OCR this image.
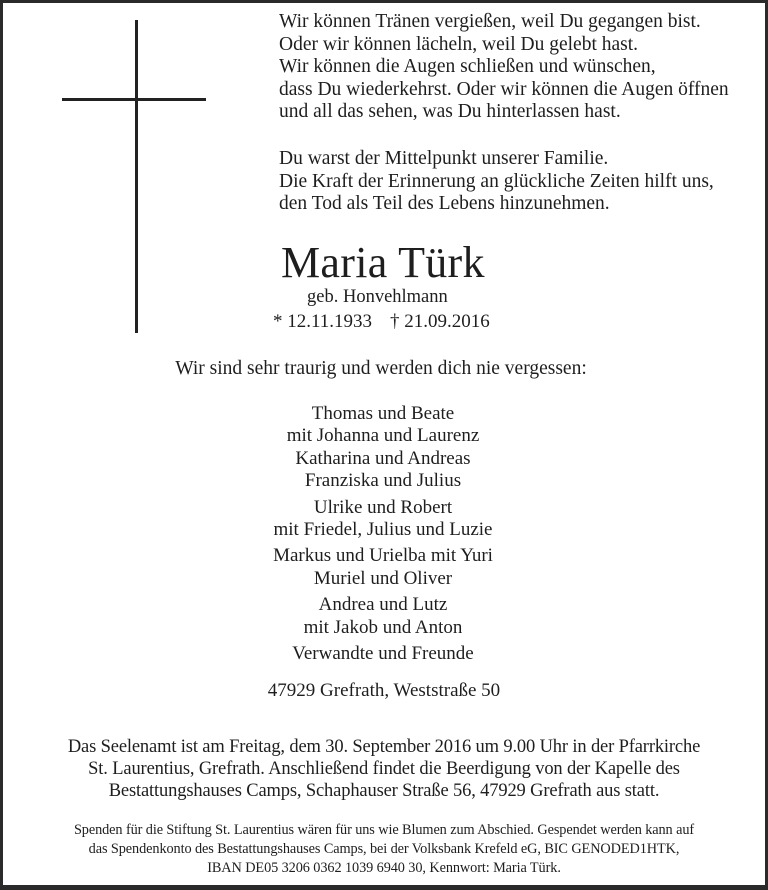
Wir können Tränen vergießen, weil Du gegangen bist.
Oder wir können lächeln, weil Du gelebt hast.
Wir können die Augen schließen und wünschen,
dass Du wiederkehrst. Oder wir können die Augen öffnen
und all das sehen, was Du hinterlassen hast.
Du warst der Mittelpunkt unserer Familie.
Die Kraft der Erinnerung an glückliche Zeiten hilft uns,
den Tod als Teil des Lebens hinzunehmen.
Maria Türk
geb. Honvehlmann
* 12.11.1933 † 21.09.2016
Wir sind sehr traurig und werden dich nie vergessen:
Thomas und Beate
mit Johanna und Laurenz
Katharina und Andreas
Franziska und Julius
Ulrike und Robert
mit Friedel, Julius und Luzie
Markus und Urielba mit Yuri
Muriel und Oliver
Andrea und Lutz
mit Jakob und Anton
Verwandte und Freunde
47929 Grefrath, Weststraße 50
Das Seelenamt ist am Freitag, dem 30. September 2016 um 9.00 Uhr in der Pfarrkirche
St. Laurentius, Grefrath. Anschließend findet die Beerdigung von der Kapelle des
Bestattungshauses Camps, Schaphauser Straße 56, 47929 Grefrath aus statt.
Spenden für die Stiftung St. Laurentius wären für uns wie Blumen zum Abschied. Gespendet werden kann auf
das Spendenkonto des Bestattungshauses Camps, bei der Volksbank Krefeld eG, BIC GENODED1HTK,
IBAN DE05 3206 0362 1039 6940 30, Kennwort: Maria Türk.
